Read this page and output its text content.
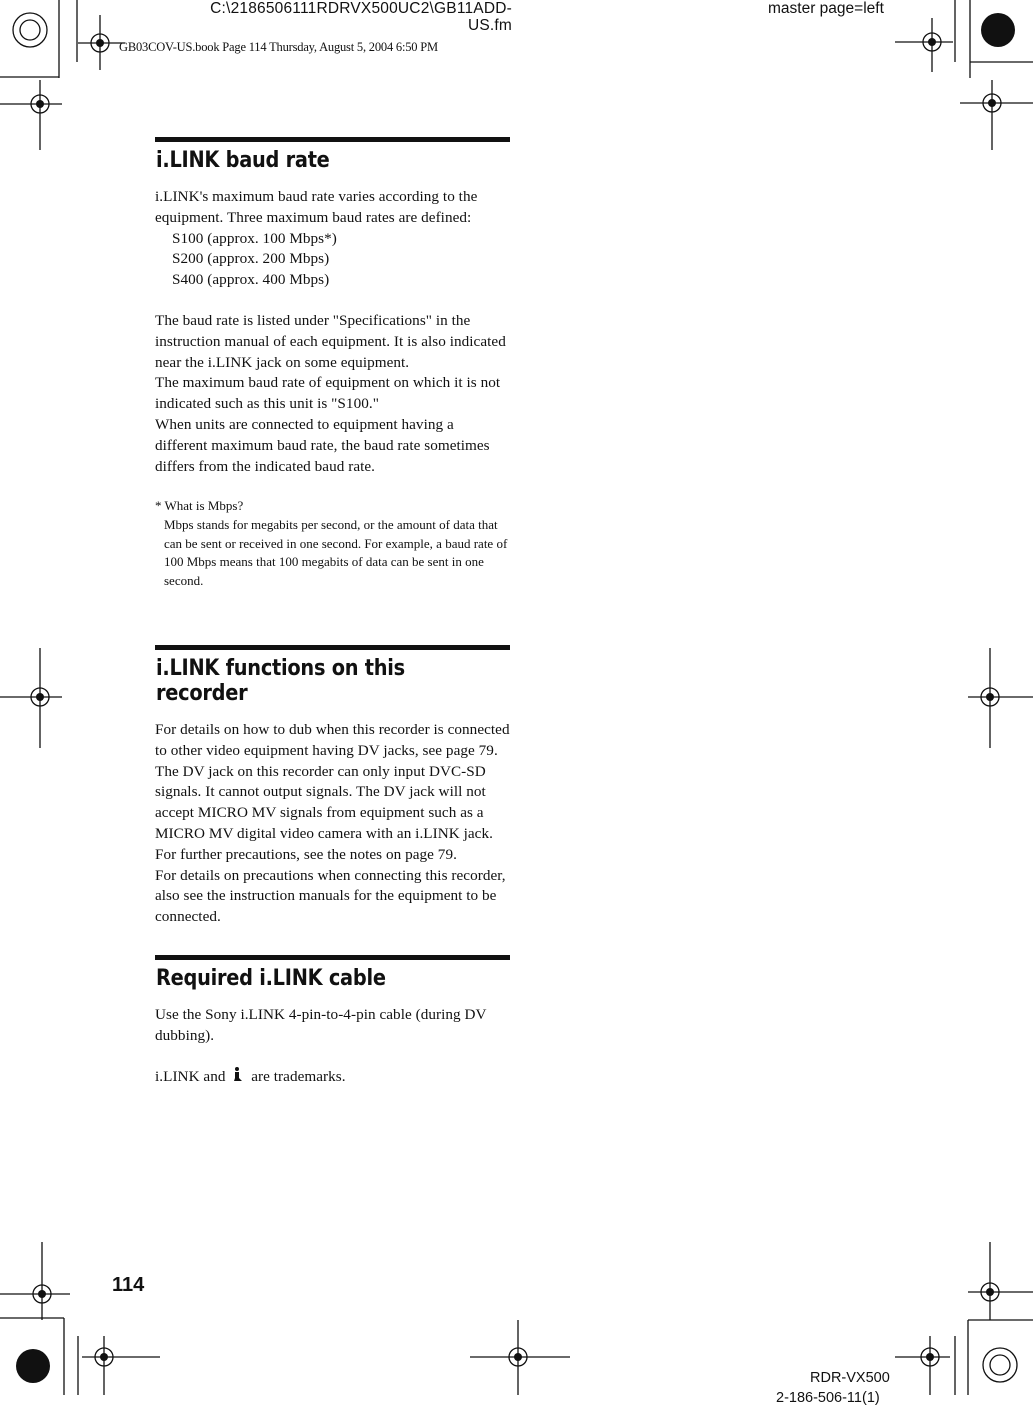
C:\2186506111RDRVX500UC2\GB11ADD-
US.fm
master page=left
GB03COV-US.book Page 114 Thursday, August 5, 2004 6:50 PM
i.LINK baud rate

i.LINK's maximum baud rate varies according to the equipment. Three maximum baud rates are defined:

S100 (approx. 100 Mbps*)

S200 (approx. 200 Mbps)

S400 (approx. 400 Mbps)

The baud rate is listed under "Specifications" in the instruction manual of each equipment. It is also indicated near the i.LINK jack on some equipment.

The maximum baud rate of equipment on which it is not indicated such as this unit is "S100."

When units are connected to equipment having a different maximum baud rate, the baud rate sometimes differs from the indicated baud rate.

* What is Mbps?
Mbps stands for megabits per second, or the amount of data that can be sent or received in one second. For example, a baud rate of 100 Mbps means that 100 megabits of data can be sent in one second.
i.LINK functions on this recorder

For details on how to dub when this recorder is connected to other video equipment having DV jacks, see page 79.

The DV jack on this recorder can only input DVC-SD signals. It cannot output signals. The DV jack will not accept MICRO MV signals from equipment such as a MICRO MV digital video camera with an i.LINK jack.

For further precautions, see the notes on page 79.

For details on precautions when connecting this recorder, also see the instruction manuals for the equipment to be connected.

Required i.LINK cable

Use the Sony i.LINK 4-pin-to-4-pin cable (during DV dubbing).

i.LINK and are trademarks.

114
RDR-VX500
2-186-506-11(1)
